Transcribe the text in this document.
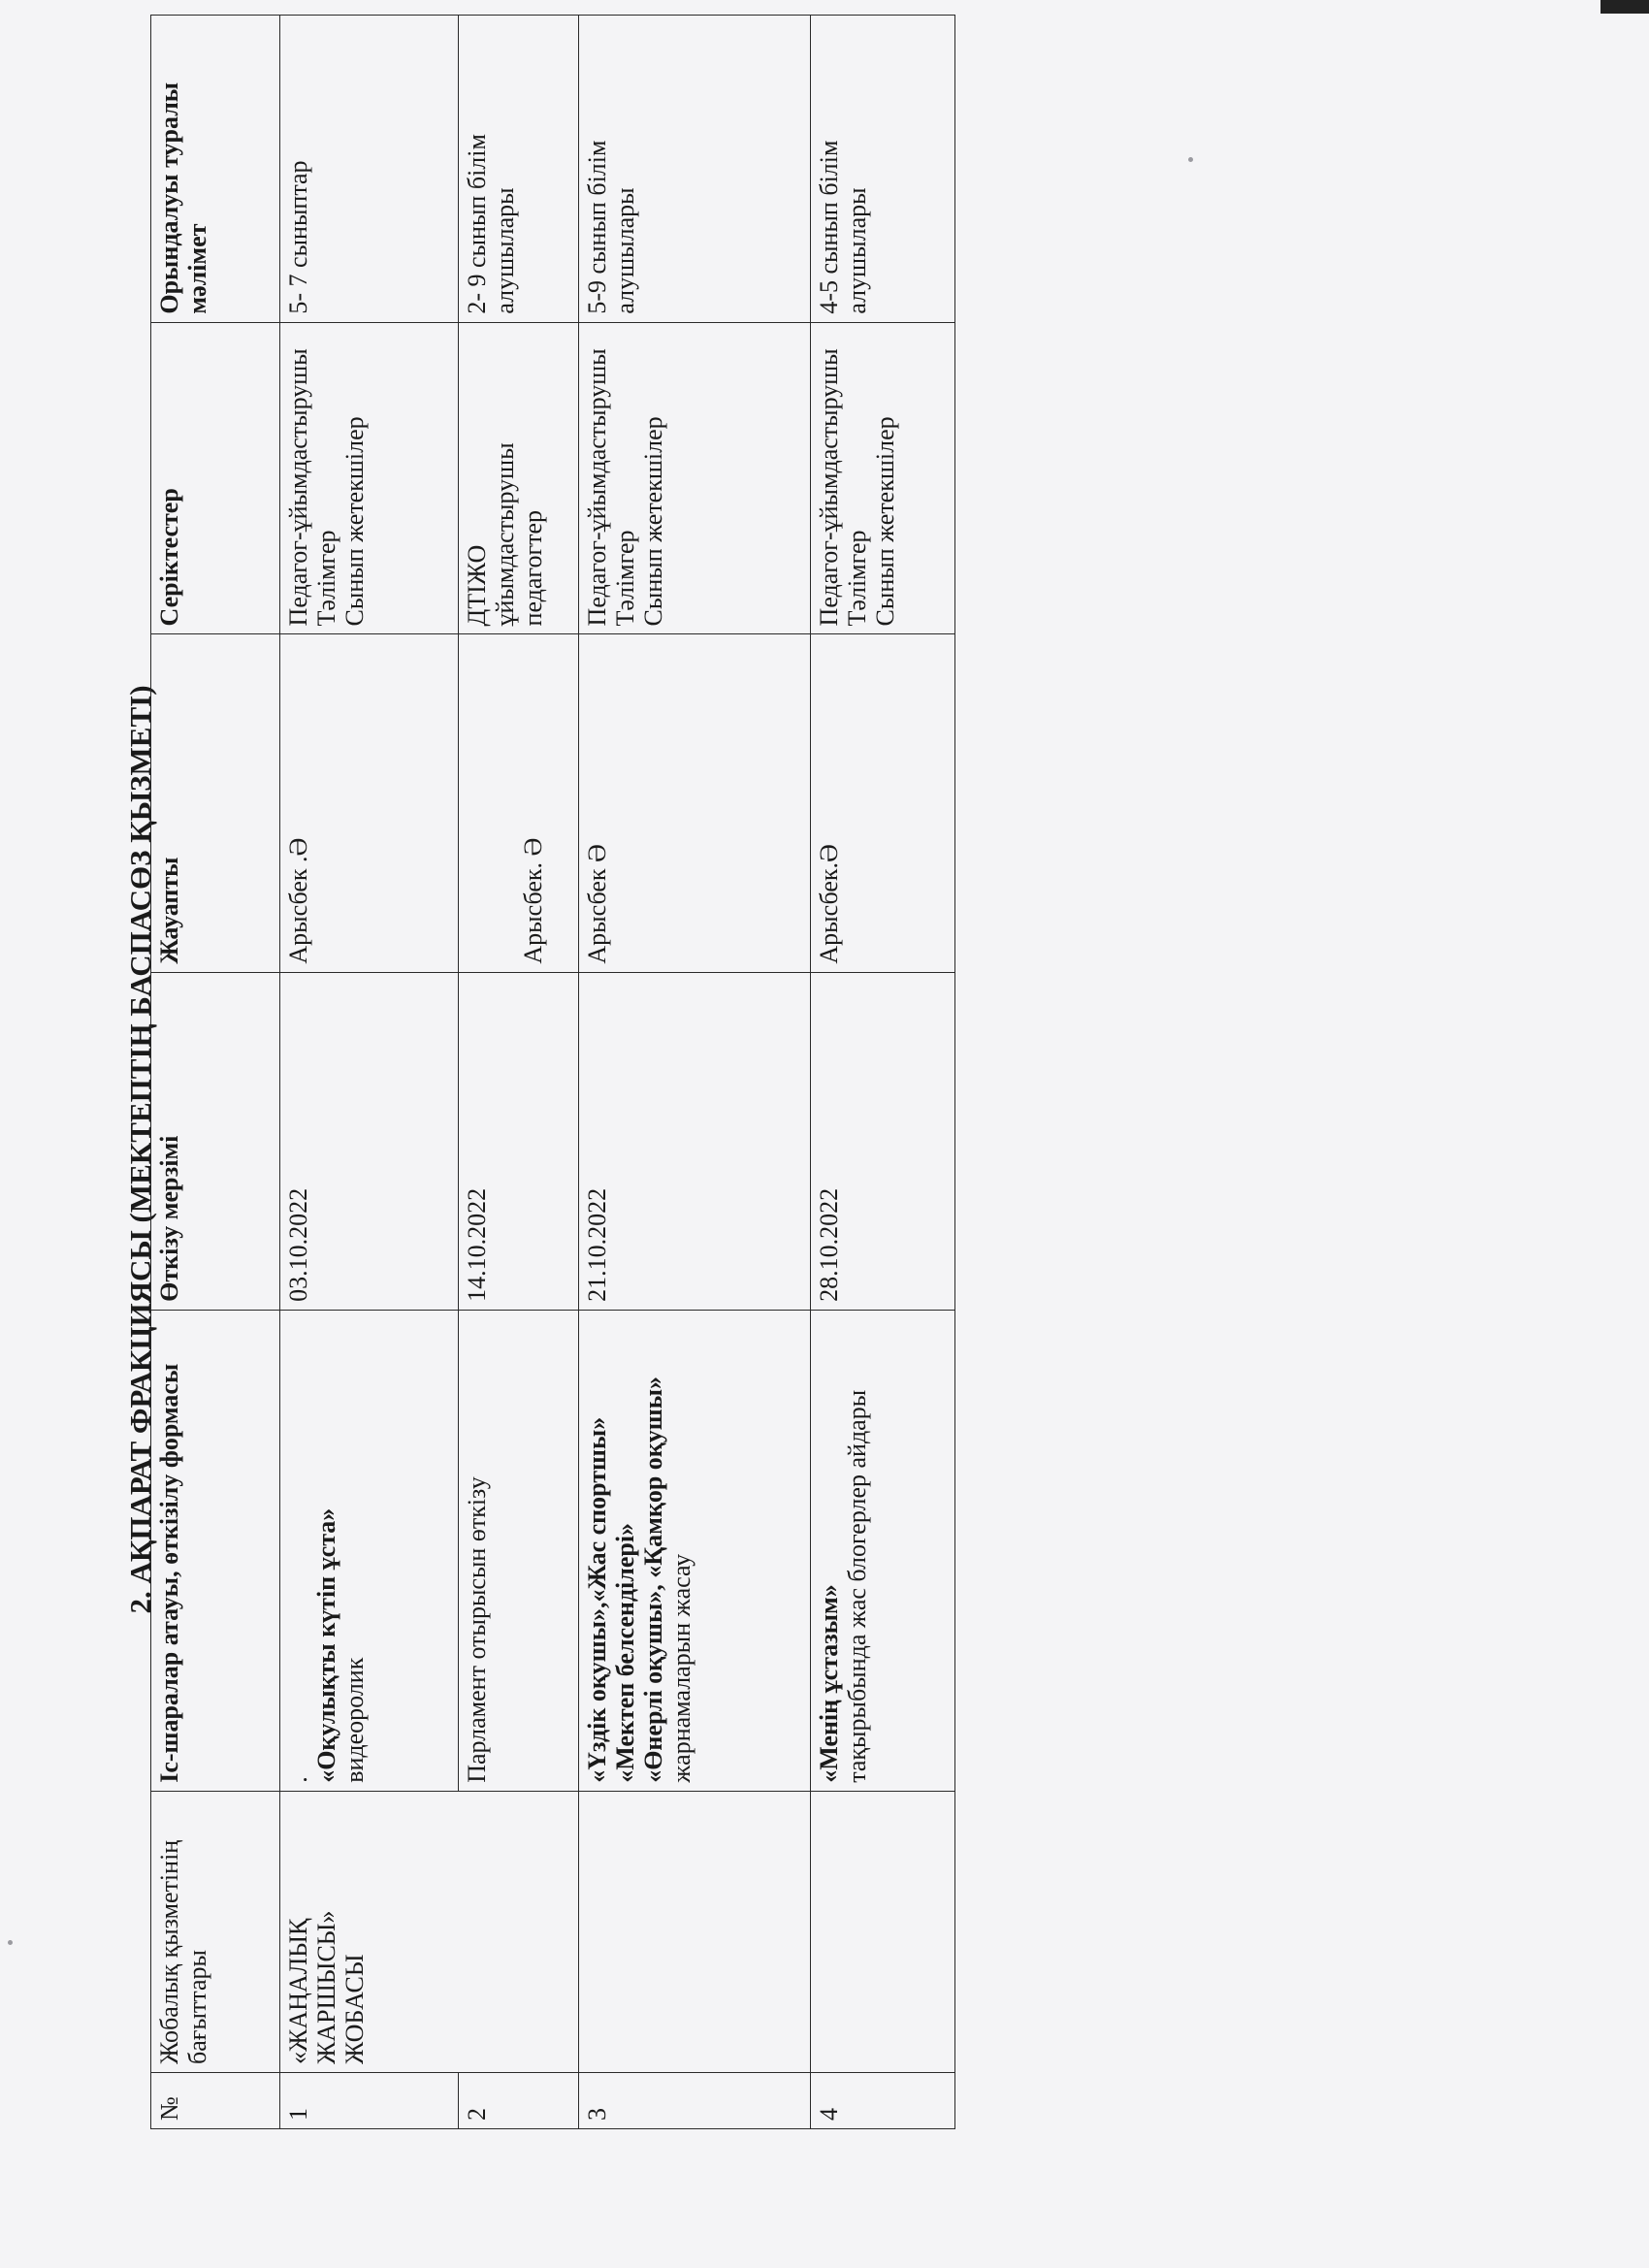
2. АҚПАРАТ ФРАКЦИЯСЫ (МЕКТЕПТІҢ БАСПАСӨЗ ҚЫЗМЕТІ)
№	Жобалық қызметінің бағыттары	Іс-шаралар атауы, өткізілу формасы	Өткізу мерзімі	Жауапты	Серіктестер	Орындалуы туралы мәлімет
1	«ЖАҢАЛЫҚ ЖАРШЫСЫ» ЖОБАСЫ	. «Оқулықты күтіп ұста» видеоролик	03.10.2022	Арысбек .Ә	Педагог-ұйымдастырушы Тәлімгер Сынып жетекшілер	5- 7 сыныптар
2		Парламент отырысын өткізу	14.10.2022	Арысбек. Ә	ДТІЖО ұйымдастырушы педагогтер	2- 9 сынып білім алушылары
3		«Үздік оқушы»,«Жас спортшы» «Мектеп белсенділері» «Өнерлі оқушы», «Қамқор оқушы» жарнамаларын жасау	21.10.2022	Арысбек Ә	Педагог-ұйымдастырушы Тәлімгер Сынып жетекшілер	5-9 сынып білім алушылары
4		«Менің ұстазым» тақырыбында жас блогерлер айдары	28.10.2022	Арысбек.Ә	Педагог-ұйымдастырушы Тәлімгер Сынып жетекшілер	4-5 сынып білім алушылары
